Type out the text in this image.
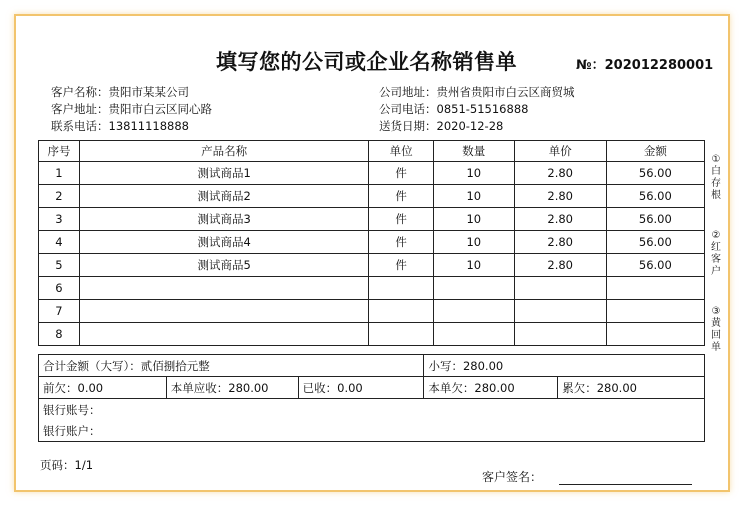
填写您的公司或企业名称销售单	№：202012280001
客户名称：贵阳市某某公司
客户地址：贵阳市白云区同心路
联系电话：13811118888
公司地址：贵州省贵阳市白云区商贸城
公司电话：0851-51516888
送货日期：2020-12-28
序号	产品名称	单位	数量	单价	金额
1	测试商品1	件	10	2.80	56.00
2	测试商品2	件	10	2.80	56.00
3	测试商品3	件	10	2.80	56.00
4	测试商品4	件	10	2.80	56.00
5	测试商品5	件	10	2.80	56.00
6					
7					
8					
合计金额（大写）：贰佰捌拾元整	小写：280.00
前欠：0.00	本单应收：280.00	已收：0.00	本单欠：280.00	累欠：280.00
银行账号：
银行账户：
①
白
存
根
②
红
客
户
③
黄
回
单
页码：1/1
客户签名：
